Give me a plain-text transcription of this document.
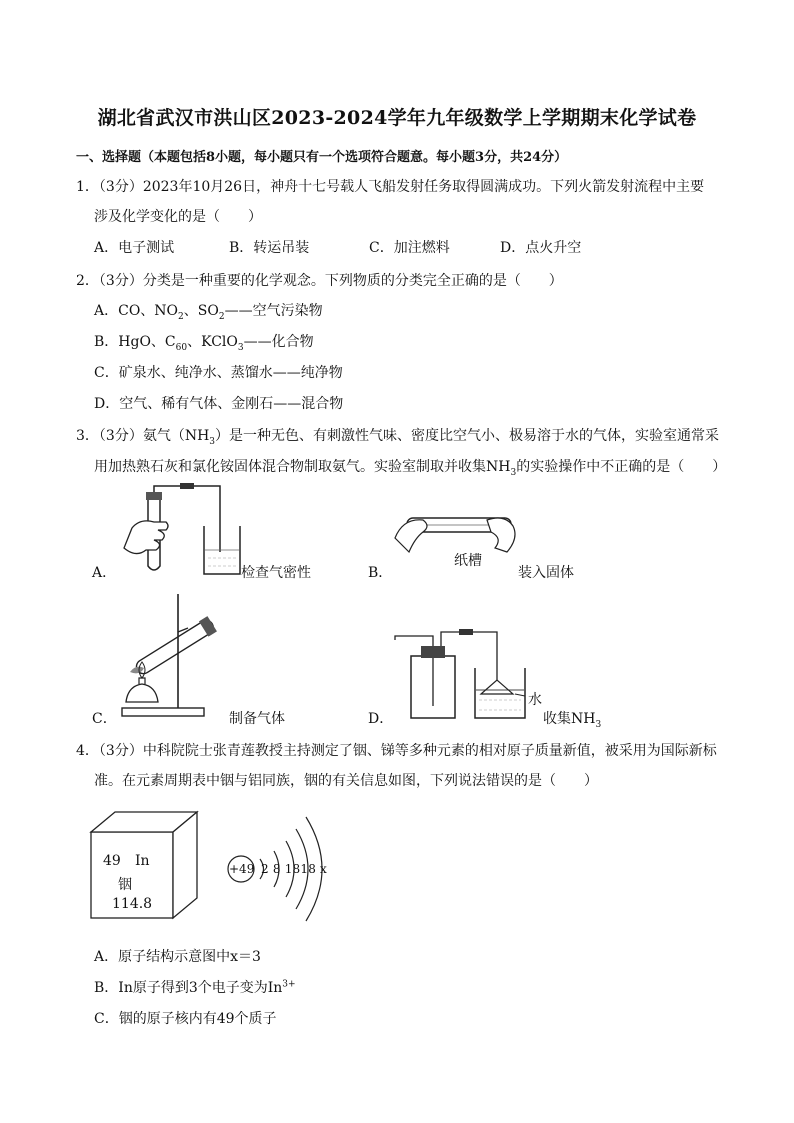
湖北省武汉市洪山区2023-2024学年九年级数学上学期期末化学试卷
一、选择题（本题包括8小题，每小题只有一个选项符合题意。每小题3分，共24分）
1．（3分）2023年10月26日，神舟十七号载人飞船发射任务取得圆满成功。下列火箭发射流程中主要
涉及化学变化的是（　　）
A．电子测试	B．转运吊装	C．加注燃料	D．点火升空
2．（3分）分类是一种重要的化学观念。下列物质的分类完全正确的是（　　）
A．CO、$NO_2$、$SO_2——$空气污染物
B．HgO、$C_{60}$、KClO$_3$——化合物
C．矿泉水、纯净水、蒸馏水——纯净物
D．空气、稀有气体、金刚石——混合物
3．（3分）氨气$(NH_3)$是一种无色、有刺激性气味、密度比空气小、极易溶于水的气体，实验室通常采
用加热熟石灰和氯化铵固体混合物制取氨气。实验室制取并收集$NH_3$的实验操作中不正确的是（　　）
A．	检查气密性	B．
纸槽
装入固体
C．	制备气体	D．
水
收集$NH_3$
4．（3分）中科院院士张青莲教授主持测定了铟、锑等多种元素的相对原子质量新值，被采用为国际新标
准。在元素周期表中铟与铝同族，铟的有关信息如图，下列说法错误的是（　　）
49 In
铟
114.8
+49 2 8 1818 x
A．原子结构示意图中x＝3
B．In原子得到3个电子变为$In^{3+}$
C．铟的原子核内有49个质子
